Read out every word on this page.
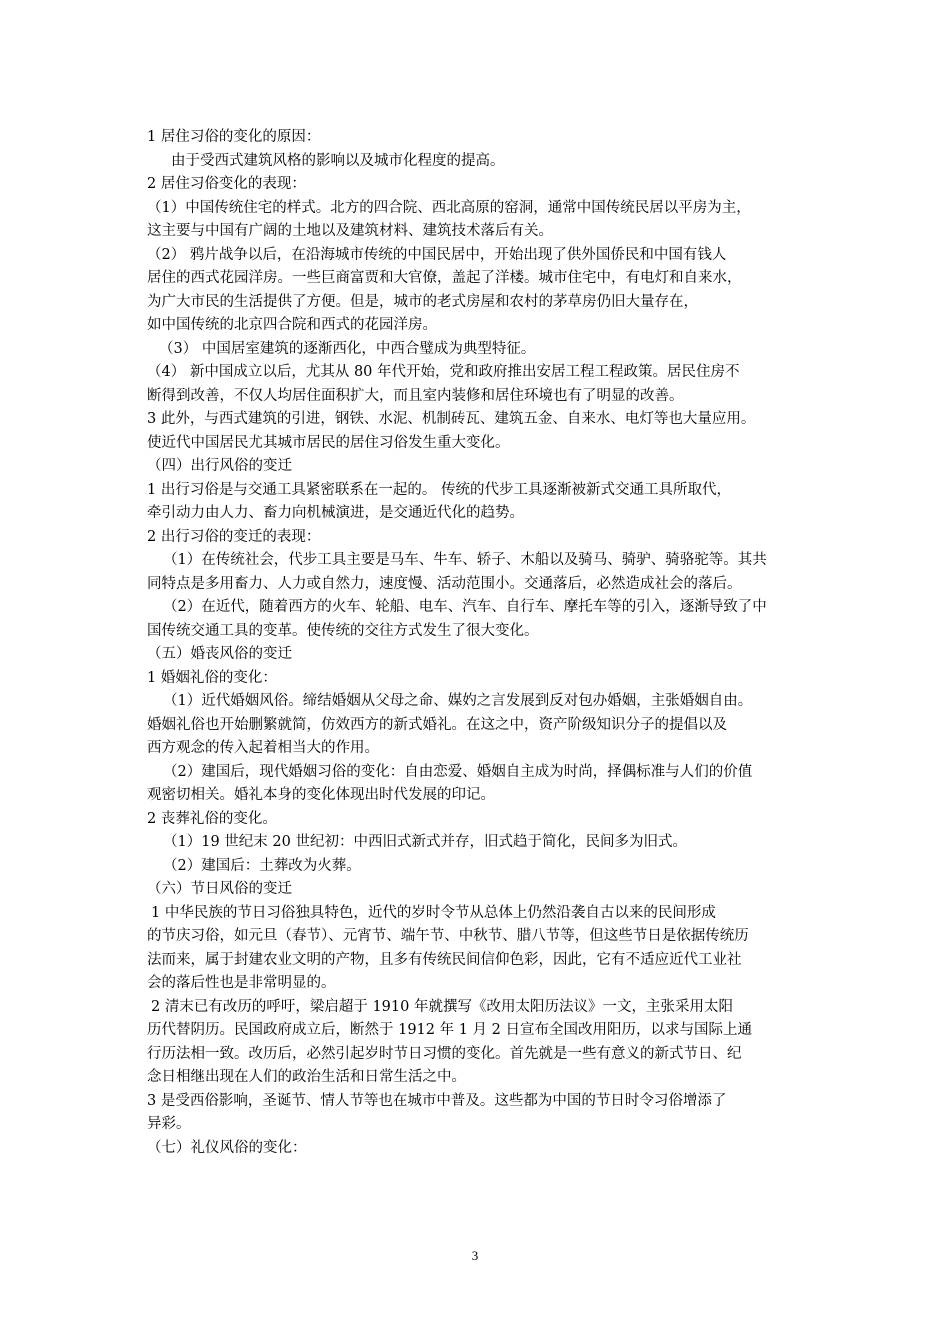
1 居住习俗的变化的原因：
由于受西式建筑风格的影响以及城市化程度的提高。
2 居住习俗变化的表现：
（1）中国传统住宅的样式。北方的四合院、西北高原的窑洞，通常中国传统民居以平房为主，
这主要与中国有广阔的土地以及建筑材料、建筑技术落后有关。
（2） 鸦片战争以后，在沿海城市传统的中国民居中，开始出现了供外国侨民和中国有钱人
居住的西式花园洋房。一些巨商富贾和大官僚，盖起了洋楼。城市住宅中，有电灯和自来水，
为广大市民的生活提供了方便。但是，城市的老式房屋和农村的茅草房仍旧大量存在，
如中国传统的北京四合院和西式的花园洋房。
（3） 中国居室建筑的逐渐西化，中西合璧成为典型特征。
（4） 新中国成立以后，尤其从 80 年代开始，党和政府推出安居工程工程政策。居民住房不
断得到改善，不仅人均居住面积扩大，而且室内装修和居住环境也有了明显的改善。
3 此外，与西式建筑的引进，钢铁、水泥、机制砖瓦、建筑五金、自来水、电灯等也大量应用。
使近代中国居民尤其城市居民的居住习俗发生重大变化。
（四）出行风俗的变迁
1 出行习俗是与交通工具紧密联系在一起的。 传统的代步工具逐渐被新式交通工具所取代，
牵引动力由人力、畜力向机械演进，是交通近代化的趋势。
2 出行习俗的变迁的表现：
（1）在传统社会，代步工具主要是马车、牛车、轿子、木船以及骑马、骑驴、骑骆驼等。其共
同特点是多用畜力、人力或自然力，速度慢、活动范围小。交通落后，必然造成社会的落后。
（2）在近代，随着西方的火车、轮船、电车、汽车、自行车、摩托车等的引入，逐渐导致了中
国传统交通工具的变革。使传统的交往方式发生了很大变化。
（五）婚丧风俗的变迁
1 婚姻礼俗的变化：
（1）近代婚姻风俗。缔结婚姻从父母之命、媒妁之言发展到反对包办婚姻，主张婚姻自由。
婚姻礼俗也开始删繁就简，仿效西方的新式婚礼。在这之中，资产阶级知识分子的提倡以及
西方观念的传入起着相当大的作用。
（2）建国后，现代婚姻习俗的变化：自由恋爱、婚姻自主成为时尚，择偶标准与人们的价值
观密切相关。婚礼本身的变化体现出时代发展的印记。
2 丧葬礼俗的变化。
（1）19 世纪末 20 世纪初：中西旧式新式并存，旧式趋于简化，民间多为旧式。
（2）建国后：土葬改为火葬。
（六）节日风俗的变迁
1 中华民族的节日习俗独具特色，近代的岁时令节从总体上仍然沿袭自古以来的民间形成
的节庆习俗，如元旦（春节）、元宵节、端午节、中秋节、腊八节等，但这些节日是依据传统历
法而来，属于封建农业文明的产物，且多有传统民间信仰色彩，因此，它有不适应近代工业社
会的落后性也是非常明显的。
2 清末已有改历的呼吁，梁启超于 1910 年就撰写《改用太阳历法议》一文，主张采用太阳
历代替阴历。民国政府成立后，断然于 1912 年 1 月 2 日宣布全国改用阳历，以求与国际上通
行历法相一致。改历后，必然引起岁时节日习惯的变化。首先就是一些有意义的新式节日、纪
念日相继出现在人们的政治生活和日常生活之中。
3 是受西俗影响，圣诞节、情人节等也在城市中普及。这些都为中国的节日时令习俗增添了
异彩。
（七）礼仪风俗的变化：
3
